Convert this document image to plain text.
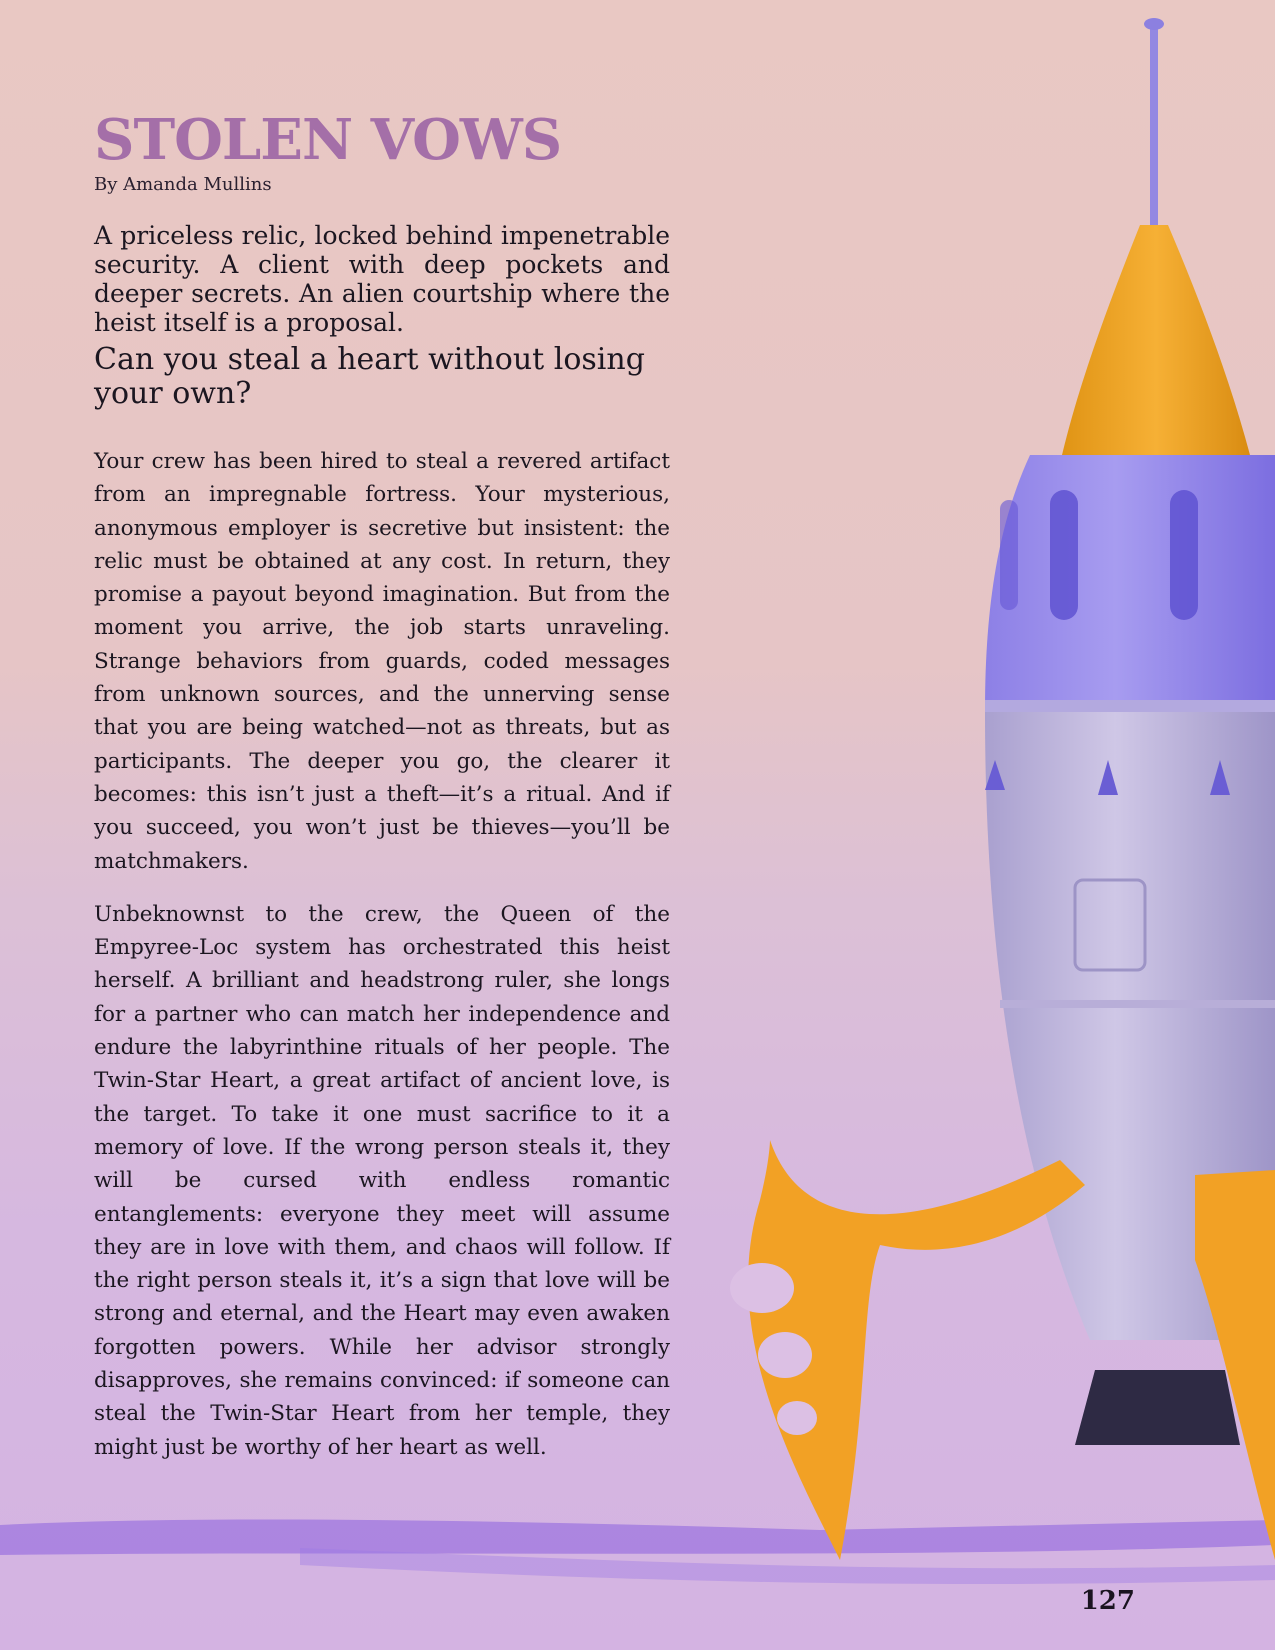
STOLEN VOWS
By Amanda Mullins
A priceless relic, locked behind impenetrable security. A client with deep pockets and deeper secrets. An alien courtship where the heist itself is a proposal.
Can you steal a heart without losing your own?

Your crew has been hired to steal a revered artifact from an impregnable fortress. Your mysterious, anonymous employer is secretive but insistent: the relic must be obtained at any cost. In return, they promise a payout beyond imagination. But from the moment you arrive, the job starts unraveling. Strange behaviors from guards, coded messages from unknown sources, and the unnerving sense that you are being watched—not as threats, but as participants. The deeper you go, the clearer it becomes: this isn’t just a theft—it’s a ritual. And if you succeed, you won’t just be thieves—you’ll be matchmakers.

Unbeknownst to the crew, the Queen of the Empyree-Loc system has orchestrated this heist herself. A brilliant and headstrong ruler, she longs for a partner who can match her independence and endure the labyrinthine rituals of her people. The Twin-Star Heart, a great artifact of ancient love, is the target. To take it one must sacrifice to it a memory of love. If the wrong person steals it, they will be cursed with endless romantic entanglements: everyone they meet will assume they are in love with them, and chaos will follow. If the right person steals it, it’s a sign that love will be strong and eternal, and the Heart may even awaken forgotten powers. While her advisor strongly disapproves, she remains convinced: if someone can steal the Twin-Star Heart from her temple, they might just be worthy of her heart as well.

127
